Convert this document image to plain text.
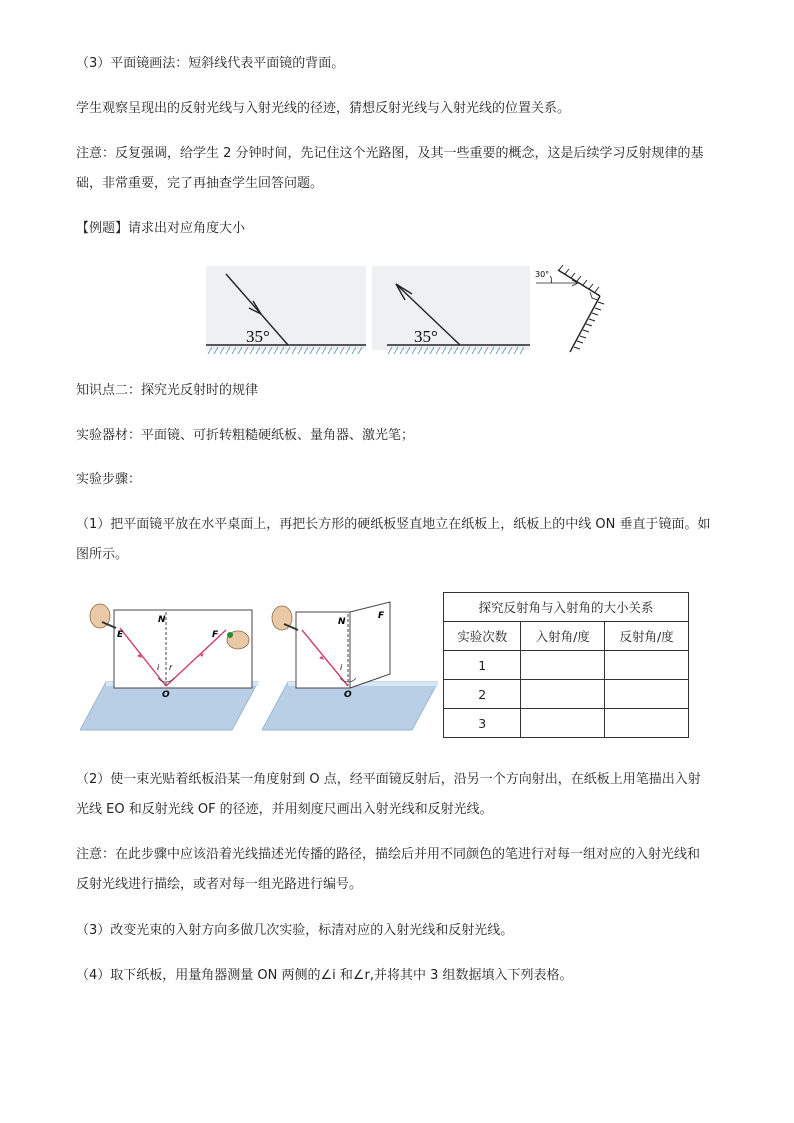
（3）平面镜画法：短斜线代表平面镜的背面。

学生观察呈现出的反射光线与入射光线的径迹，猜想反射光线与入射光线的位置关系。

注意：反复强调，给学生 2 分钟时间，先记住这个光路图，及其一些重要的概念，这是后续学习反射规律的基

础，非常重要，完了再抽查学生回答问题。

【例题】请求出对应角度大小

35°	35°
30°

知识点二：探究光反射时的规律

实验器材：平面镜、可折转粗糙硬纸板、量角器、激光笔；

实验步骤：

（1）把平面镜平放在水平桌面上，再把长方形的硬纸板竖直地立在纸板上，纸板上的中线 ON 垂直于镜面。如

图所示。

E	F
N
O
i r
N
F
O
i
探究反射角与入射角的大小关系		
实验次数	入射角/度	反射角/度
1		
2		
3		

（2）使一束光贴着纸板沿某一角度射到 O 点，经平面镜反射后，沿另一个方向射出，在纸板上用笔描出入射

光线 EO 和反射光线 OF 的径迹，并用刻度尺画出入射光线和反射光线。

注意：在此步骤中应该沿着光线描述光传播的路径，描绘后并用不同颜色的笔进行对每一组对应的入射光线和

反射光线进行描绘，或者对每一组光路进行编号。

（3）改变光束的入射方向多做几次实验，标清对应的入射光线和反射光线。

（4）取下纸板，用量角器测量 ON 两侧的∠i 和∠r,并将其中 3 组数据填入下列表格。
